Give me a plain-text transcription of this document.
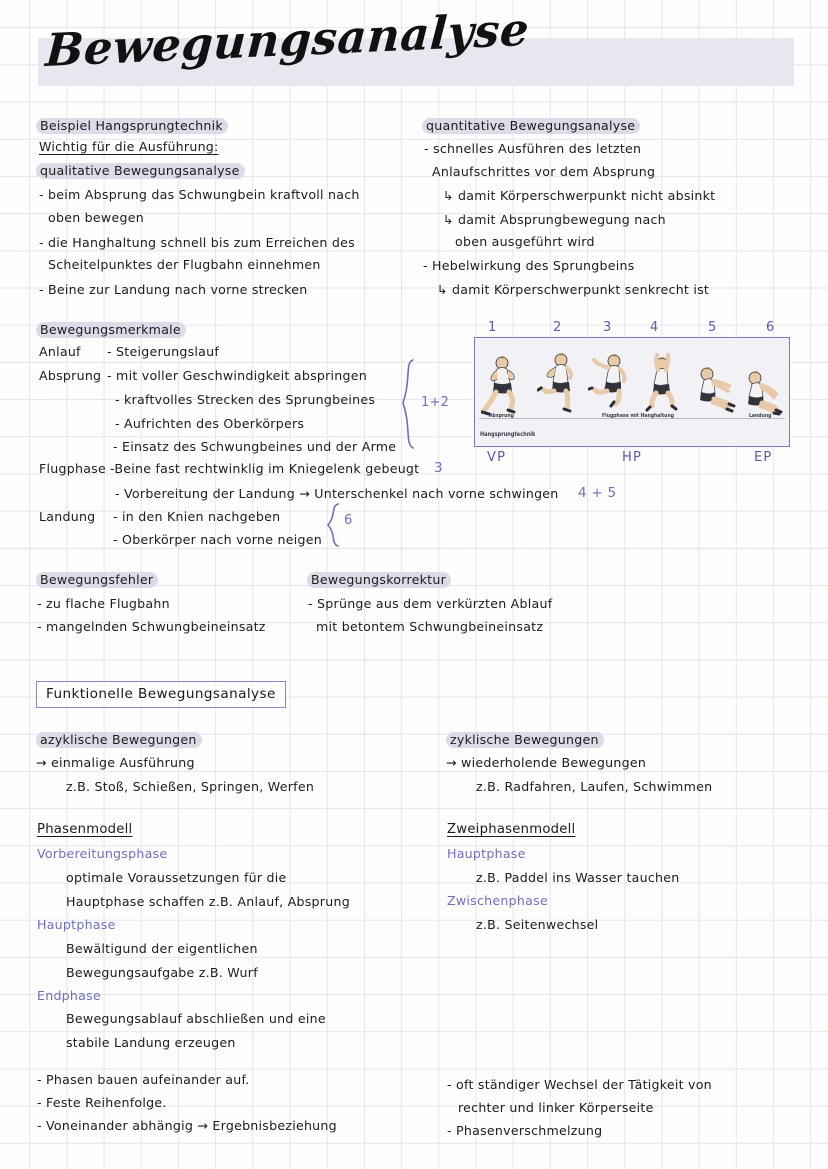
Bewegungsanalyse
Beispiel Hangsprungtechnik
Wichtig für die Ausführung:
qualitative Bewegungsanalyse
- beim Absprung das Schwungbein kraftvoll nach
oben bewegen
- die Hanghaltung schnell bis zum Erreichen des
Scheitelpunktes der Flugbahn einnehmen
- Beine zur Landung nach vorne strecken
quantitative Bewegungsanalyse
- schnelles Ausführen des letzten
Anlaufschrittes vor dem Absprung
↳ damit Körperschwerpunkt nicht absinkt
↳ damit Absprungbewegung nach
oben ausgeführt wird
- Hebelwirkung des Sprungbeins
↳ damit Körperschwerpunkt senkrecht ist
Bewegungsmerkmale
Anlauf - Steigerungslauf
Absprung - mit voller Geschwindigkeit abspringen
- kraftvolles Strecken des Sprungbeines
- Aufrichten des Oberkörpers
- Einsatz des Schwungbeines und der Arme
Flugphase -Beine fast rechtwinklig im Kniegelenk gebeugt
- Vorbereitung der Landung → Unterschenkel nach vorne schwingen
Landung - in den Knien nachgeben
- Oberkörper nach vorne neigen
1+2
3
4 + 5
6
1	2	3	4	5	6
Absprung	Flugphase mit Hanghaltung	Landung
Hangsprungtechnik
VP	HP	EP
Bewegungsfehler
- zu flache Flugbahn
- mangelnden Schwungbeineinsatz
Bewegungskorrektur
- Sprünge aus dem verkürzten Ablauf
mit betontem Schwungbeineinsatz
Funktionelle Bewegungsanalyse
azyklische Bewegungen
→ einmalige Ausführung
z.B. Stoß, Schießen, Springen, Werfen
zyklische Bewegungen
→ wiederholende Bewegungen
z.B. Radfahren, Laufen, Schwimmen
Phasenmodell
Vorbereitungsphase
optimale Voraussetzungen für die
Hauptphase schaffen z.B. Anlauf, Absprung
Hauptphase
Bewältigund der eigentlichen
Bewegungsaufgabe z.B. Wurf
Endphase
Bewegungsablauf abschließen und eine
stabile Landung erzeugen
- Phasen bauen aufeinander auf.
- Feste Reihenfolge.
- Voneinander abhängig → Ergebnisbeziehung
Zweiphasenmodell
Hauptphase
z.B. Paddel ins Wasser tauchen
Zwischenphase
z.B. Seitenwechsel
- oft ständiger Wechsel der Tätigkeit von
rechter und linker Körperseite
- Phasenverschmelzung
